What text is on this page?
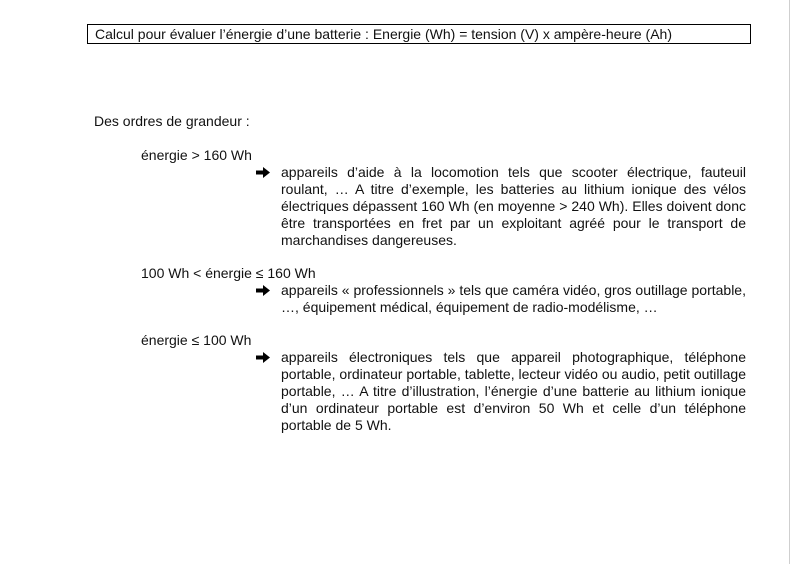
Calcul pour évaluer l’énergie d’une batterie : Energie (Wh) = tension (V) x ampère-heure (Ah)
Des ordres de grandeur :
énergie > 160 Wh

appareils d’aide à la locomotion tels que scooter électrique, fauteuil roulant, … A titre d’exemple, les batteries au lithium ionique des vélos électriques dépassent 160 Wh (en moyenne > 240 Wh). Elles doivent donc être transportées en fret par un exploitant agréé pour le transport de marchandises dangereuses.

100 Wh < énergie ≤ 160 Wh

appareils « professionnels » tels que caméra vidéo, gros outillage portable, …, équipement médical, équipement de radio-modélisme, …

énergie ≤ 100 Wh

appareils électroniques tels que appareil photographique, téléphone portable, ordinateur portable, tablette, lecteur vidéo ou audio, petit outillage portable, … A titre d’illustration, l’énergie d’une batterie au lithium ionique d’un ordinateur portable est d’environ 50 Wh et celle d’un téléphone portable de 5 Wh.
